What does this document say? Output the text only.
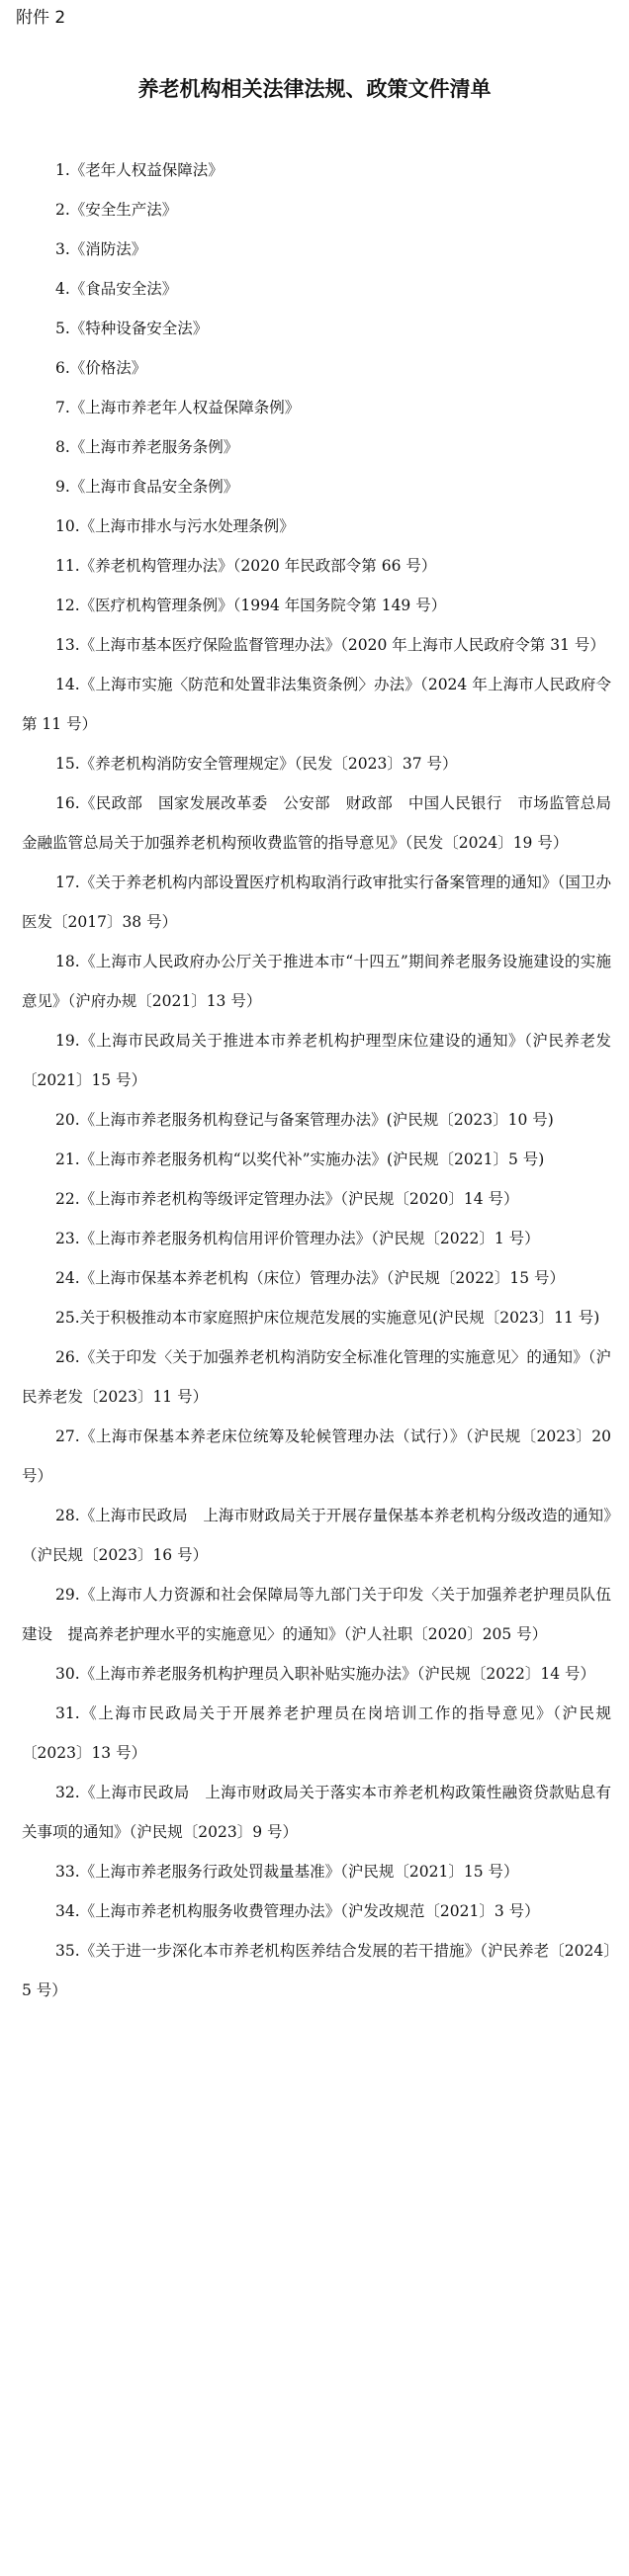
附件 2
养老机构相关法律法规、政策文件清单
1.《老年人权益保障法》
2.《安全生产法》
3.《消防法》
4.《食品安全法》
5.《特种设备安全法》
6.《价格法》
7.《上海市养老年人权益保障条例》
8.《上海市养老服务条例》
9.《上海市食品安全条例》
10.《上海市排水与污水处理条例》
11.《养老机构管理办法》（2020 年民政部令第 66 号）
12.《医疗机构管理条例》（1994 年国务院令第 149 号）
13.《上海市基本医疗保险监督管理办法》（2020 年上海市人民政府令第 31 号）
14.《上海市实施〈防范和处置非法集资条例〉办法》（2024 年上海市人民政府令第 11 号）
15.《养老机构消防安全管理规定》（民发〔2023〕37 号）
16.《民政部　国家发展改革委　公安部　财政部　中国人民银行　市场监管总局　金融监管总局关于加强养老机构预收费监管的指导意见》（民发〔2024〕19 号）
17.《关于养老机构内部设置医疗机构取消行政审批实行备案管理的通知》（国卫办医发〔2017〕38 号）
18.《上海市人民政府办公厅关于推进本市“十四五”期间养老服务设施建设的实施意见》（沪府办规〔2021〕13 号）
19.《上海市民政局关于推进本市养老机构护理型床位建设的通知》（沪民养老发〔2021〕15 号）
20.《上海市养老服务机构登记与备案管理办法》(沪民规〔2023〕10 号)
21.《上海市养老服务机构“以奖代补”实施办法》(沪民规〔2021〕5 号)
22.《上海市养老机构等级评定管理办法》（沪民规〔2020〕14 号）
23.《上海市养老服务机构信用评价管理办法》（沪民规〔2022〕1 号）
24.《上海市保基本养老机构（床位）管理办法》（沪民规〔2022〕15 号）
25.关于积极推动本市家庭照护床位规范发展的实施意见(沪民规〔2023〕11 号)
26.《关于印发〈关于加强养老机构消防安全标准化管理的实施意见〉的通知》（沪民养老发〔2023〕11 号）
27.《上海市保基本养老床位统筹及轮候管理办法（试行）》（沪民规〔2023〕20 号）
28.《上海市民政局　上海市财政局关于开展存量保基本养老机构分级改造的通知》（沪民规〔2023〕16 号）
29.《上海市人力资源和社会保障局等九部门关于印发〈关于加强养老护理员队伍建设　提高养老护理水平的实施意见〉的通知》（沪人社职〔2020〕205 号）
30.《上海市养老服务机构护理员入职补贴实施办法》（沪民规〔2022〕14 号）
31.《上海市民政局关于开展养老护理员在岗培训工作的指导意见》（沪民规〔2023〕13 号）
32.《上海市民政局　上海市财政局关于落实本市养老机构政策性融资贷款贴息有关事项的通知》（沪民规〔2023〕9 号）
33.《上海市养老服务行政处罚裁量基准》（沪民规〔2021〕15 号）
34.《上海市养老机构服务收费管理办法》（沪发改规范〔2021〕3 号）
35.《关于进一步深化本市养老机构医养结合发展的若干措施》（沪民养老〔2024〕5 号）
